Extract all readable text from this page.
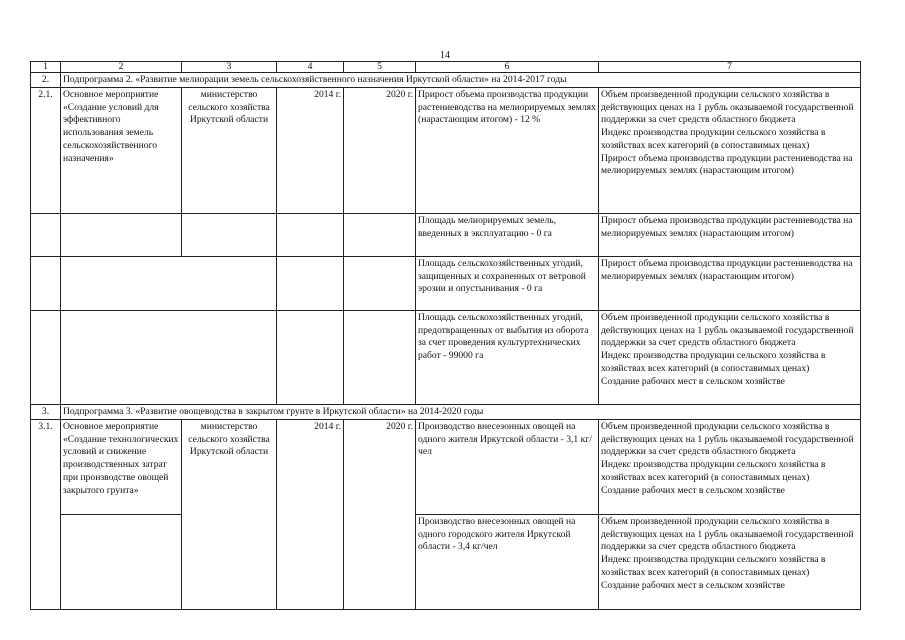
14
1	2	3	4	5	6	7
2.	Подпрограмма 2. «Развитие мелиорации земель сельскохозяйственного назначения Иркутской области» на 2014-2017 годы					
2.1.	Основное мероприятие «Создание условий для эффективного использования земель сельскохозяйственного назначения»	министерство сельского хозяйства Иркутской области	2014 г.	2020 г.	Прирост объема производства продукции растениеводства на мелиорируемых землях (нарастающим итогом) - 12 %	Объем произведенной продукции сельского хозяйства в действующих ценах на 1 рубль оказываемой государственной поддержки за счет средств областного бюджета
Индекс производства продукции сельского хозяйства в хозяйствах всех категорий (в сопоставимых ценах)
Прирост объема производства продукции растениеводства на мелиорируемых землях (нарастающим итогом)

					Площадь мелиорируемых земель, введенных в эксплуатацию - 0 га	Прирост объема производства продукции растениеводства на мелиорируемых землях (нарастающим итогом)

					Площадь сельскохозяйственных угодий, защищенных и сохраненных от ветровой эрозии и опустынивания - 0 га	Прирост объема производства продукции растениеводства на мелиорируемых землях (нарастающим итогом)

					Площадь сельскохозяйственных угодий, предотвращенных от выбытия из оборота за счет проведения культуртехнических работ - 99000 га	Объем произведенной продукции сельского хозяйства в действующих ценах на 1 рубль оказываемой государственной поддержки за счет средств областного бюджета
Индекс производства продукции сельского хозяйства в хозяйствах всех категорий (в сопоставимых ценах)
Создание рабочих мест в сельском хозяйстве

3.	Подпрограмма 3. «Развитие овощеводства в закрытом грунте в Иркутской области» на 2014-2020 годы					
3.1.	Основное мероприятие «Создание технологических условий и снижение производственных затрат при производстве овощей закрытого грунта»	министерство сельского хозяйства Иркутской области	2014 г.	2020 г.	Производство внесезонных овощей на одного жителя Иркутской области - 3,1 кг/чел	Объем произведенной продукции сельского хозяйства в действующих ценах на 1 рубль оказываемой государственной поддержки за счет средств областного бюджета
Индекс производства продукции сельского хозяйства в хозяйствах всех категорий (в сопоставимых ценах)
Создание рабочих мест в сельском хозяйстве

					Производство внесезонных овощей на одного городского жителя Иркутской области - 3,4 кг/чел	Объем произведенной продукции сельского хозяйства в действующих ценах на 1 рубль оказываемой государственной поддержки за счет средств областного бюджета
Индекс производства продукции сельского хозяйства в хозяйствах всех категорий (в сопоставимых ценах)
Создание рабочих мест в сельском хозяйстве
